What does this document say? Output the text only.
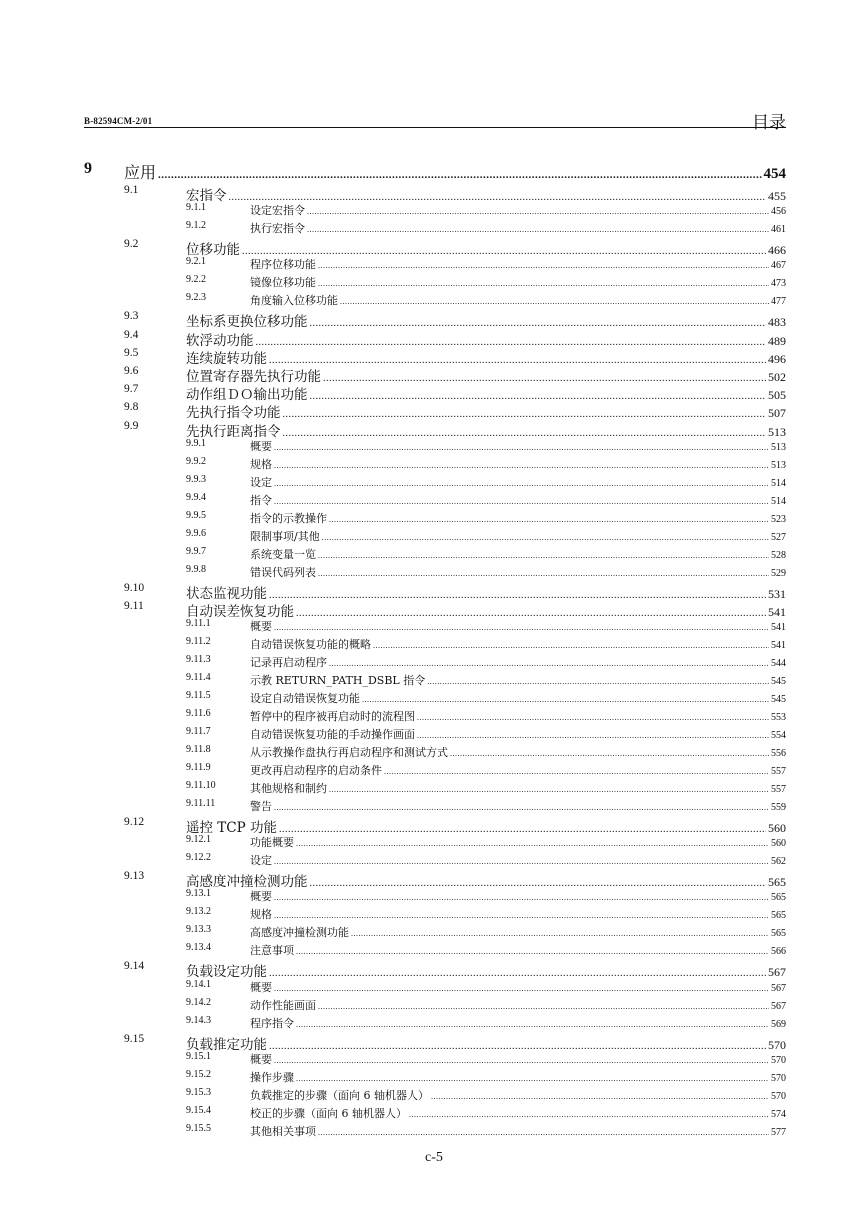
B-82594CM-2/01	目录
9 应用 .....	454
9.1	宏指令 .....	455
9.1.1	设定宏指令 .....	456
9.1.2	执行宏指令 .....	461
9.2	位移功能 .....	466
9.2.1	程序位移功能 .....	467
9.2.2	镜像位移功能 .....	473
9.2.3	角度输入位移功能 .....	477
9.3	坐标系更换位移功能 .....	483
9.4	软浮动功能 .....	489
9.5	连续旋转功能 .....	496
9.6	位置寄存器先执行功能 .....	502
9.7	动作组ＤＯ输出功能 .....	505
9.8	先执行指令功能 .....	507
9.9	先执行距离指令 .....	513
9.9.1	概要 .....	513
9.9.2	规格 .....	513
9.9.3	设定 .....	514
9.9.4	指令 .....	514
9.9.5	指令的示教操作 .....	523
9.9.6	限制事项/其他 .....	527
9.9.7	系统变量一览 .....	528
9.9.8	错误代码列表 .....	529
9.10	状态监视功能 .....	531
9.11	自动误差恢复功能 .....	541
9.11.1	概要 .....	541
9.11.2	自动错误恢复功能的概略 .....	541
9.11.3	记录再启动程序 .....	544
9.11.4	示教 RETURN_PATH_DSBL 指令 .....	545
9.11.5	设定自动错误恢复功能 .....	545
9.11.6	暂停中的程序被再启动时的流程图 .....	553
9.11.7	自动错误恢复功能的手动操作画面 .....	554
9.11.8	从示教操作盘执行再启动程序和测试方式 .....	556
9.11.9	更改再启动程序的启动条件 .....	557
9.11.10	其他规格和制约 .....	557
9.11.11	警告 .....	559
9.12	遥控 TCP 功能 .....	560
9.12.1	功能概要 .....	560
9.12.2	设定 .....	562
9.13	高感度冲撞检测功能 .....	565
9.13.1	概要 .....	565
9.13.2	规格 .....	565
9.13.3	高感度冲撞检测功能 .....	565
9.13.4	注意事项 .....	566
9.14	负载设定功能 .....	567
9.14.1	概要 .....	567
9.14.2	动作性能画面 .....	567
9.14.3	程序指令 .....	569
9.15	负载推定功能 .....	570
9.15.1	概要 .....	570
9.15.2	操作步骤 .....	570
9.15.3	负载推定的步骤（面向 6 轴机器人） .....	570
9.15.4	校正的步骤（面向 6 轴机器人） .....	574
9.15.5	其他相关事项 .....	577
c-5
